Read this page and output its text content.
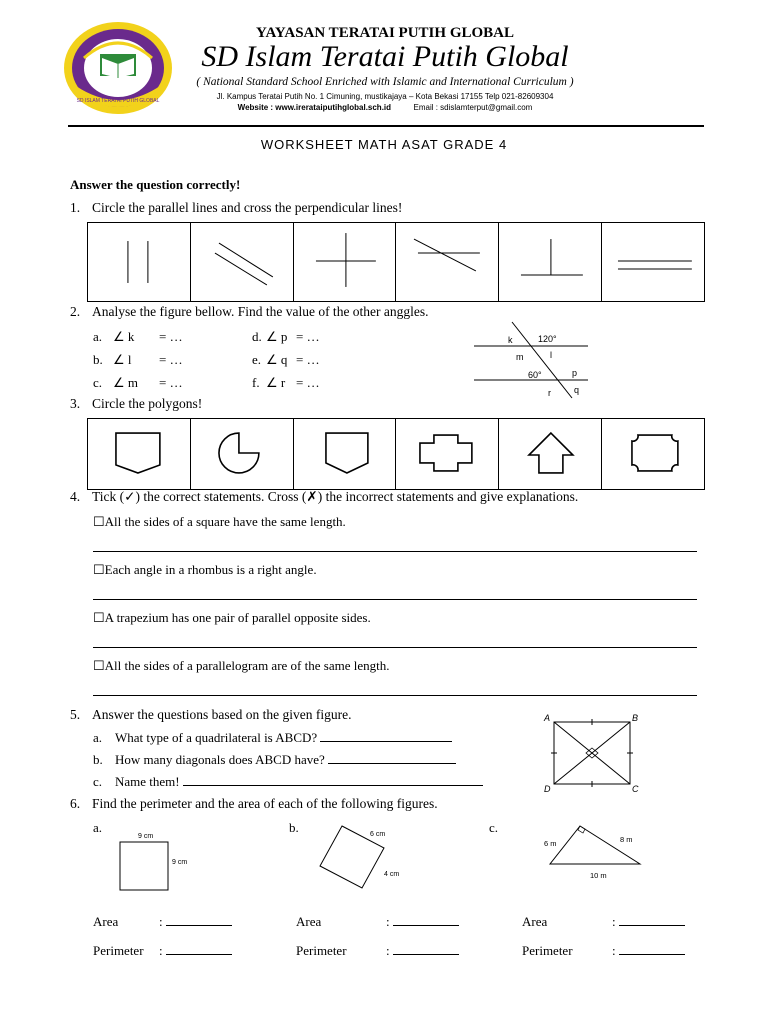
SD ISLAM TERATAI PUTIH GLOBAL
YAYASAN TERATAI PUTIH GLOBAL
SD Islam Teratai Putih Global
( National Standard School Enriched with Islamic and International Curriculum )
Jl. Kampus Teratai Putih No. 1 Cimuning, mustikajaya – Kota Bekasi 17155 Telp 021-82609304
Website : www.irerataiputihglobal.sch.id	Email : sdislamterput@gmail.com
WORKSHEET MATH ASAT GRADE 4
Answer the question correctly!
1. Circle the parallel lines and cross the perpendicular lines!
2. Analyse the figure bellow. Find the value of the other anggles.
a. ∠ k = …
b. ∠ l = …
c. ∠ m = …
d. ∠ p = …
e. ∠ q = …
f. ∠ r = …
k	120°
m	l
60°	p
q
r
3. Circle the polygons!
4. Tick (✓) the correct statements. Cross (✗) the incorrect statements and give explanations.
☐All the sides of a square have the same length.
☐Each angle in a rhombus is a right angle.
☐A trapezium has one pair of parallel opposite sides.
☐All the sides of a parallelogram are of the same length.
5. Answer the questions based on the given figure.
a. What type of a quadrilateral is ABCD?
b. How many diagonals does ABCD have?
c. Name them!
A	B
C
D
6. Find the perimeter and the area of each of the following figures.
a.	b.	c.
9 cm
9 cm
6 cm
4 cm
6 m	8 m
10 m
Area	:
Perimeter :
Area	:
Perimeter	:
Area	:
Perimeter	:
